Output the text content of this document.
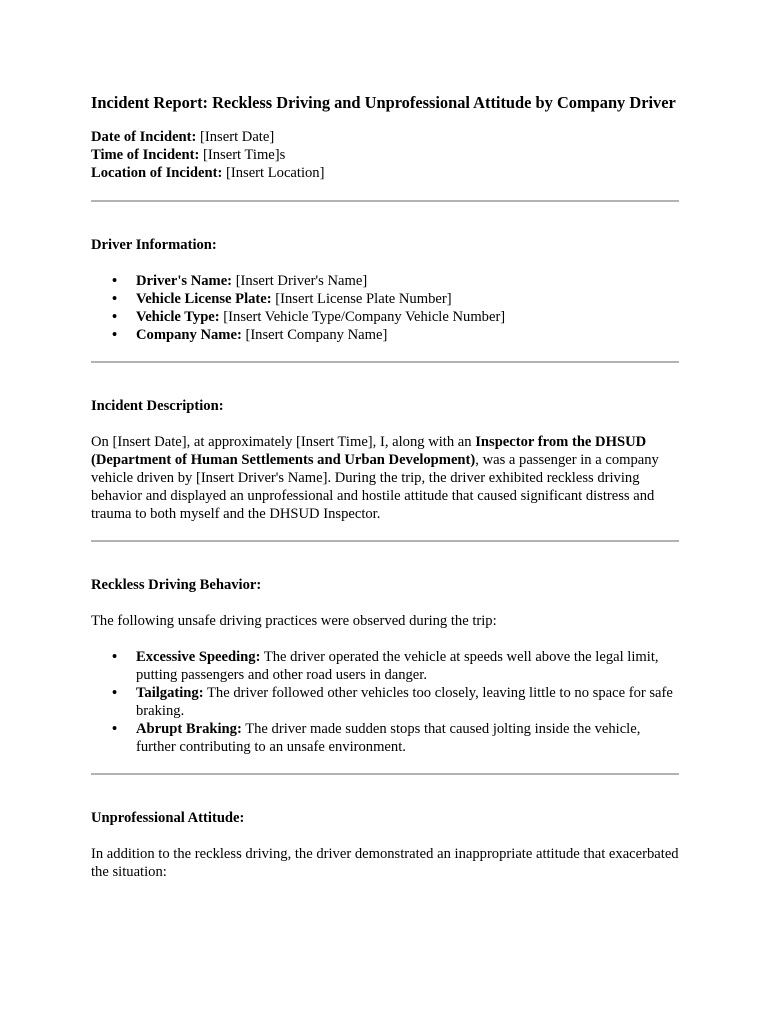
Incident Report: Reckless Driving and Unprofessional Attitude by Company Driver

Date of Incident: [Insert Date]

Time of Incident: [Insert Time]s

Location of Incident: [Insert Location]

Driver Information:

• Driver's Name: [Insert Driver's Name]
• Vehicle License Plate: [Insert License Plate Number]
• Vehicle Type: [Insert Vehicle Type/Company Vehicle Number]
• Company Name: [Insert Company Name]

Incident Description:

On [Insert Date], at approximately [Insert Time], I, along with an Inspector from the DHSUD (Department of Human Settlements and Urban Development), was a passenger in a company vehicle driven by [Insert Driver's Name]. During the trip, the driver exhibited reckless driving behavior and displayed an unprofessional and hostile attitude that caused significant distress and trauma to both myself and the DHSUD Inspector.

Reckless Driving Behavior:

The following unsafe driving practices were observed during the trip:

• Excessive Speeding: The driver operated the vehicle at speeds well above the legal limit, putting passengers and other road users in danger.
• Tailgating: The driver followed other vehicles too closely, leaving little to no space for safe braking.
• Abrupt Braking: The driver made sudden stops that caused jolting inside the vehicle, further contributing to an unsafe environment.

Unprofessional Attitude:

In addition to the reckless driving, the driver demonstrated an inappropriate attitude that exacerbated the situation:
